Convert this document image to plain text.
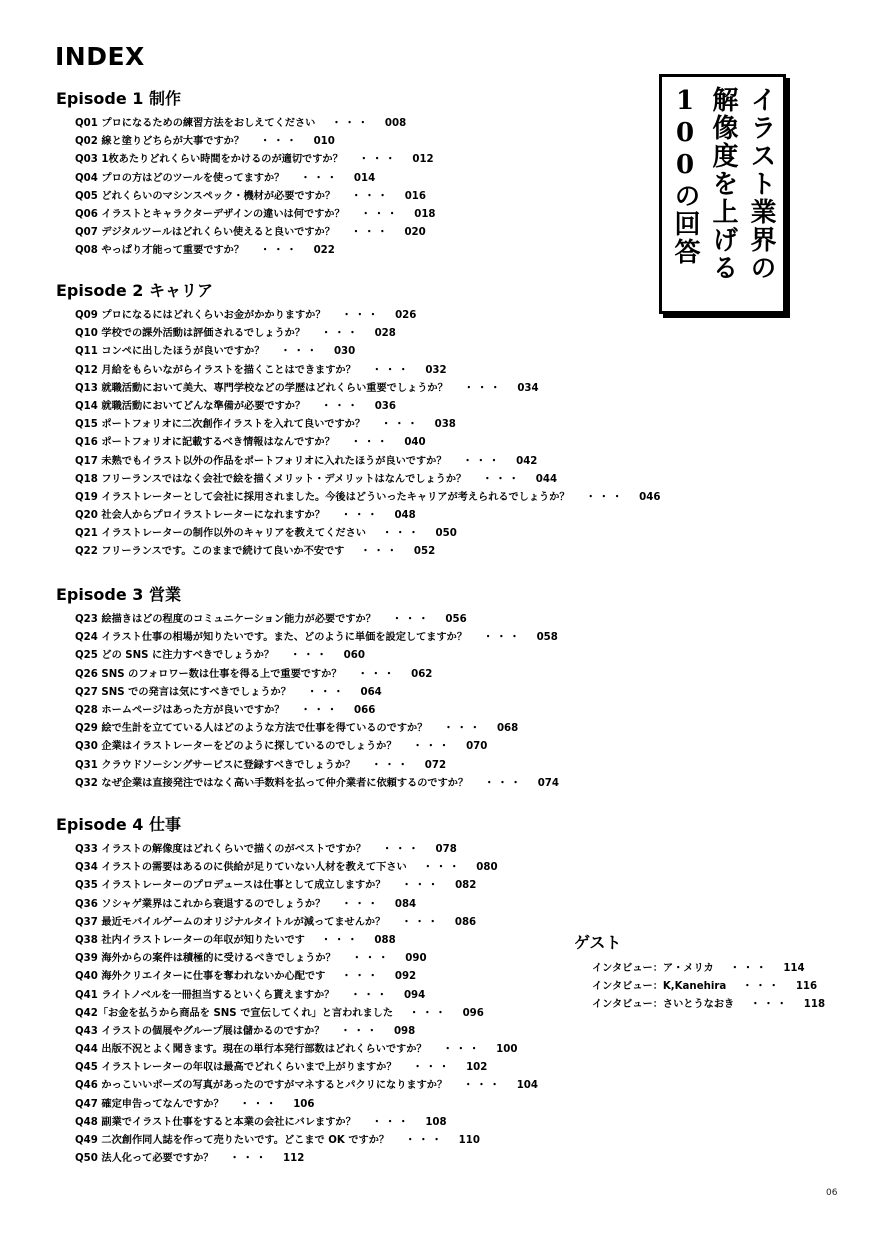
INDEX
イラスト業界の
解像度を上げる
100の回答
Episode 1 制作
Q01 プロになるための練習方法をおしえてください ・・・ 008
Q02 線と塗りどちらが大事ですか？ ・・・ 010
Q03 1枚あたりどれくらい時間をかけるのが適切ですか？ ・・・ 012
Q04 プロの方はどのツールを使ってますか？ ・・・ 014
Q05 どれくらいのマシンスペック・機材が必要ですか？ ・・・ 016
Q06 イラストとキャラクターデザインの違いは何ですか？ ・・・ 018
Q07 デジタルツールはどれくらい使えると良いですか？ ・・・ 020
Q08 やっぱり才能って重要ですか？ ・・・ 022
Episode 2 キャリア
Q09 プロになるにはどれくらいお金がかかりますか？ ・・・ 026
Q10 学校での課外活動は評価されるでしょうか？ ・・・ 028
Q11 コンペに出したほうが良いですか？ ・・・ 030
Q12 月給をもらいながらイラストを描くことはできますか？ ・・・ 032
Q13 就職活動において美大、専門学校などの学歴はどれくらい重要でしょうか？ ・・・ 034
Q14 就職活動においてどんな準備が必要ですか？ ・・・ 036
Q15 ポートフォリオに二次創作イラストを入れて良いですか？ ・・・ 038
Q16 ポートフォリオに記載するべき情報はなんですか？ ・・・ 040
Q17 未熟でもイラスト以外の作品をポートフォリオに入れたほうが良いですか？ ・・・ 042
Q18 フリーランスではなく会社で絵を描くメリット・デメリットはなんでしょうか？ ・・・ 044
Q19 イラストレーターとして会社に採用されました。今後はどういったキャリアが考えられるでしょうか？ ・・・ 046
Q20 社会人からプロイラストレーターになれますか？ ・・・ 048
Q21 イラストレーターの制作以外のキャリアを教えてください ・・・ 050
Q22 フリーランスです。このままで続けて良いか不安です ・・・ 052
Episode 3 営業
Q23 絵描きはどの程度のコミュニケーション能力が必要ですか？ ・・・ 056
Q24 イラスト仕事の相場が知りたいです。また、どのように単価を設定してますか？ ・・・ 058
Q25 どの SNS に注力すべきでしょうか？ ・・・ 060
Q26 SNS のフォロワー数は仕事を得る上で重要ですか？ ・・・ 062
Q27 SNS での発言は気にすべきでしょうか？ ・・・ 064
Q28 ホームページはあった方が良いですか？ ・・・ 066
Q29 絵で生計を立てている人はどのような方法で仕事を得ているのですか？ ・・・ 068
Q30 企業はイラストレーターをどのように探しているのでしょうか？ ・・・ 070
Q31 クラウドソーシングサービスに登録すべきでしょうか？ ・・・ 072
Q32 なぜ企業は直接発注ではなく高い手数料を払って仲介業者に依頼するのですか？ ・・・ 074
Episode 4 仕事
Q33 イラストの解像度はどれくらいで描くのがベストですか？ ・・・ 078
Q34 イラストの需要はあるのに供給が足りていない人材を教えて下さい ・・・ 080
Q35 イラストレーターのプロデュースは仕事として成立しますか？ ・・・ 082
Q36 ソシャゲ業界はこれから衰退するのでしょうか？ ・・・ 084
Q37 最近モバイルゲームのオリジナルタイトルが減ってませんか？ ・・・ 086
Q38 社内イラストレーターの年収が知りたいです ・・・ 088
Q39 海外からの案件は積極的に受けるべきでしょうか？ ・・・ 090
Q40 海外クリエイターに仕事を奪われないか心配です ・・・ 092
Q41 ライトノベルを一冊担当するといくら貰えますか？ ・・・ 094
Q42「お金を払うから商品を SNS で宣伝してくれ」と言われました ・・・ 096
Q43 イラストの個展やグループ展は儲かるのですか？ ・・・ 098
Q44 出版不況とよく聞きます。現在の単行本発行部数はどれくらいですか？ ・・・ 100
Q45 イラストレーターの年収は最高でどれくらいまで上がりますか？ ・・・ 102
Q46 かっこいいポーズの写真があったのですがマネするとパクリになりますか？ ・・・ 104
Q47 確定申告ってなんですか？ ・・・ 106
Q48 副業でイラスト仕事をすると本業の会社にバレますか？ ・・・ 108
Q49 二次創作同人誌を作って売りたいです。どこまで OK ですか？ ・・・ 110
Q50 法人化って必要ですか？ ・・・ 112
ゲスト
インタビュー：ア・メリカ ・・・ 114
インタビュー：K,Kanehira ・・・ 116
インタビュー：さいとうなおき ・・・ 118
06
